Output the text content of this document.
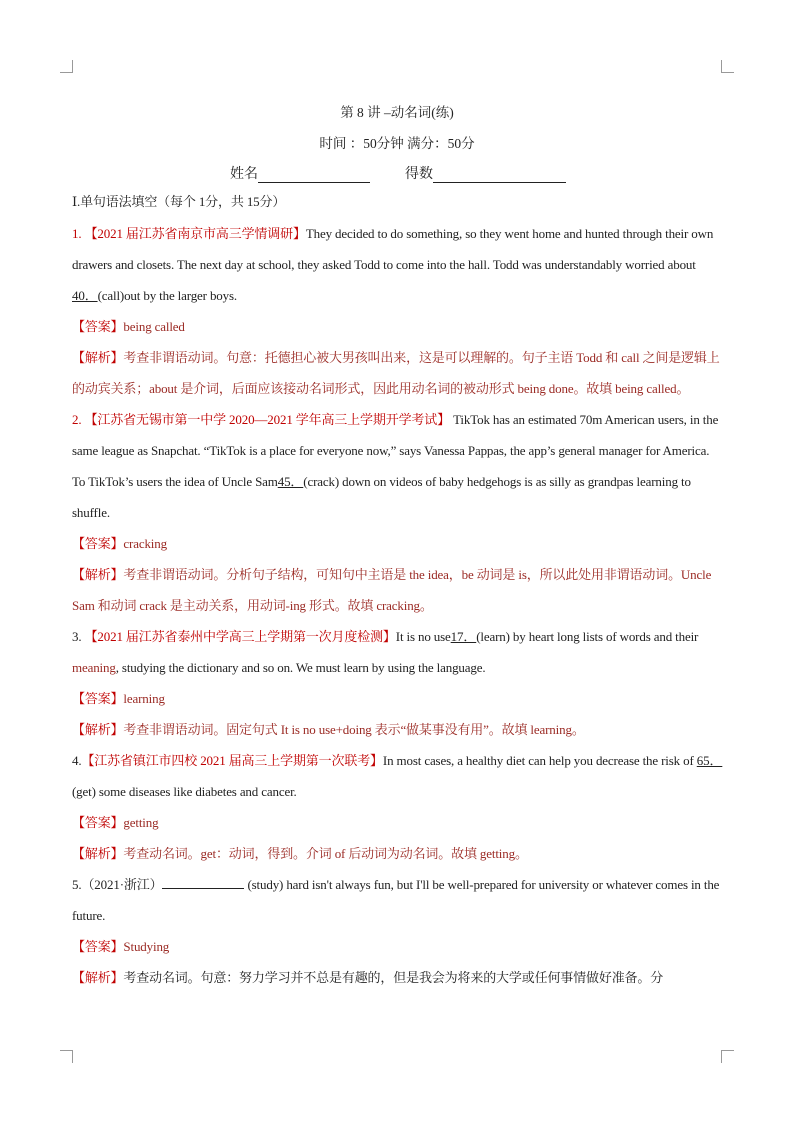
第 8 讲 –动名词(练)
时间 ：50分钟 满分：50分
姓名	得数

Ⅰ.单句语法填空（每个 1分，共 15分）

1. 【2021 届江苏省南京市高三学情调研】They decided to do something, so they went home and hunted through their own drawers and closets. The next day at school, they asked Todd to come into the hall. Todd was understandably worried about 40．(call)out by the larger boys.

【答案】being called

【解析】考查非谓语动词。句意：托德担心被大男孩叫出来，这是可以理解的。句子主语 Todd 和 call 之间是逻辑上的动宾关系；about 是介词，后面应该接动名词形式，因此用动名词的被动形式 being done。故填 being called。

2. 【江苏省无锡市第一中学 2020—2021 学年高三上学期开学考试】 TikTok has an estimated 70m American users, in the same league as Snapchat. “TikTok is a place for everyone now,” says Vanessa Pappas, the app’s general manager for America. To TikTok’s users the idea of Uncle Sam45．(crack) down on videos of baby hedgehogs is as silly as grandpas learning to shuffle.

【答案】cracking

【解析】考查非谓语动词。分析句子结构，可知句中主语是 the idea，be 动词是 is，所以此处用非谓语动词。Uncle Sam 和动词 crack 是主动关系，用动词-ing 形式。故填 cracking。

3. 【2021 届江苏省泰州中学高三上学期第一次月度检测】It is no use17．(learn) by heart long lists of words and their meaning, studying the dictionary and so on. We must learn by using the language.

【答案】learning

【解析】考查非谓语动词。固定句式 It is no use+doing 表示“做某事没有用”。故填 learning。

4.【江苏省镇江市四校 2021 届高三上学期第一次联考】In most cases, a healthy diet can help you decrease the risk of 65． (get) some diseases like diabetes and cancer.

【答案】getting

【解析】考查动名词。get：动词，得到。介词 of 后动词为动名词。故填 getting。

5.（2021·浙江）	(study) hard isn't always fun, but I'll be well-prepared for university or whatever comes in the future.

【答案】Studying

【解析】考查动名词。句意：努力学习并不总是有趣的，但是我会为将来的大学或任何事情做好准备。分
